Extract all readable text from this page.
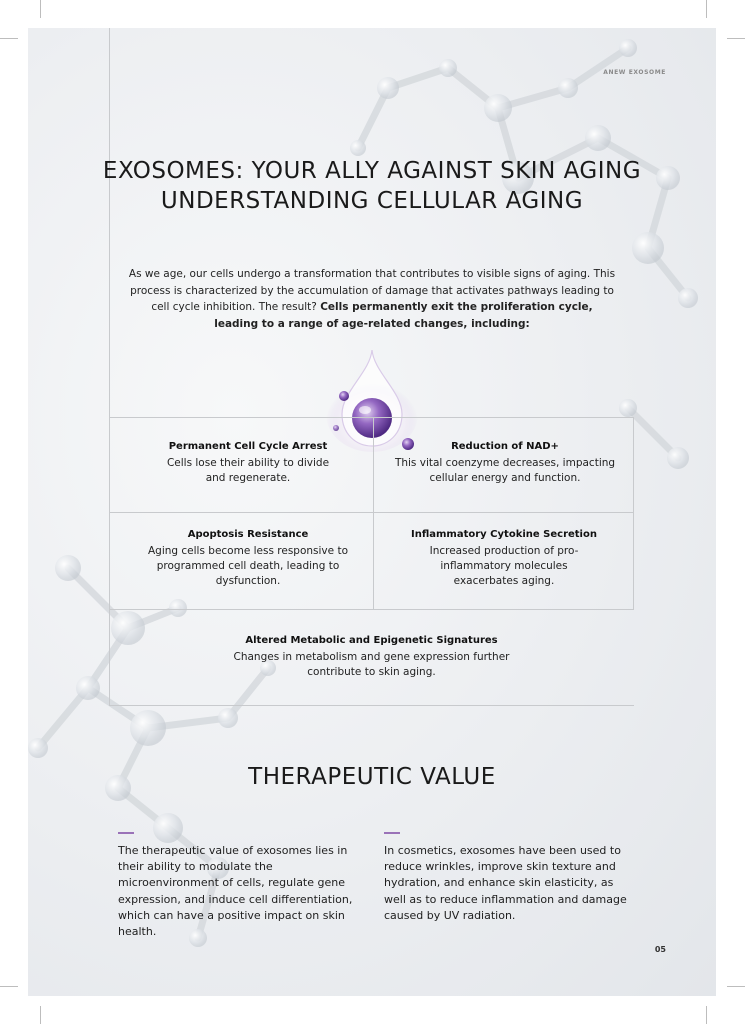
ANEW EXOSOME
EXOSOMES: YOUR ALLY AGAINST SKIN AGING UNDERSTANDING CELLULAR AGING

As we age, our cells undergo a transformation that contributes to visible signs of aging. This process is characterized by the accumulation of damage that activates pathways leading to cell cycle inhibition. The result? Cells permanently exit the proliferation cycle, leading to a range of age-related changes, including:

Permanent Cell Cycle Arrest
Cells lose their ability to divide and regenerate.
Reduction of NAD+
This vital coenzyme decreases, impacting cellular energy and function.
Apoptosis Resistance
Aging cells become less responsive to programmed cell death, leading to dysfunction.
Inflammatory Cytokine Secretion
Increased production of pro-inflammatory molecules exacerbates aging.
Altered Metabolic and Epigenetic Signatures
Changes in metabolism and gene expression further contribute to skin aging.
THERAPEUTIC VALUE

The therapeutic value of exosomes lies in their ability to modulate the microenvironment of cells, regulate gene expression, and induce cell differentiation, which can have a positive impact on skin health.

In cosmetics, exosomes have been used to reduce wrinkles, improve skin texture and hydration, and enhance skin elasticity, as well as to reduce inflammation and damage caused by UV radiation.

05
